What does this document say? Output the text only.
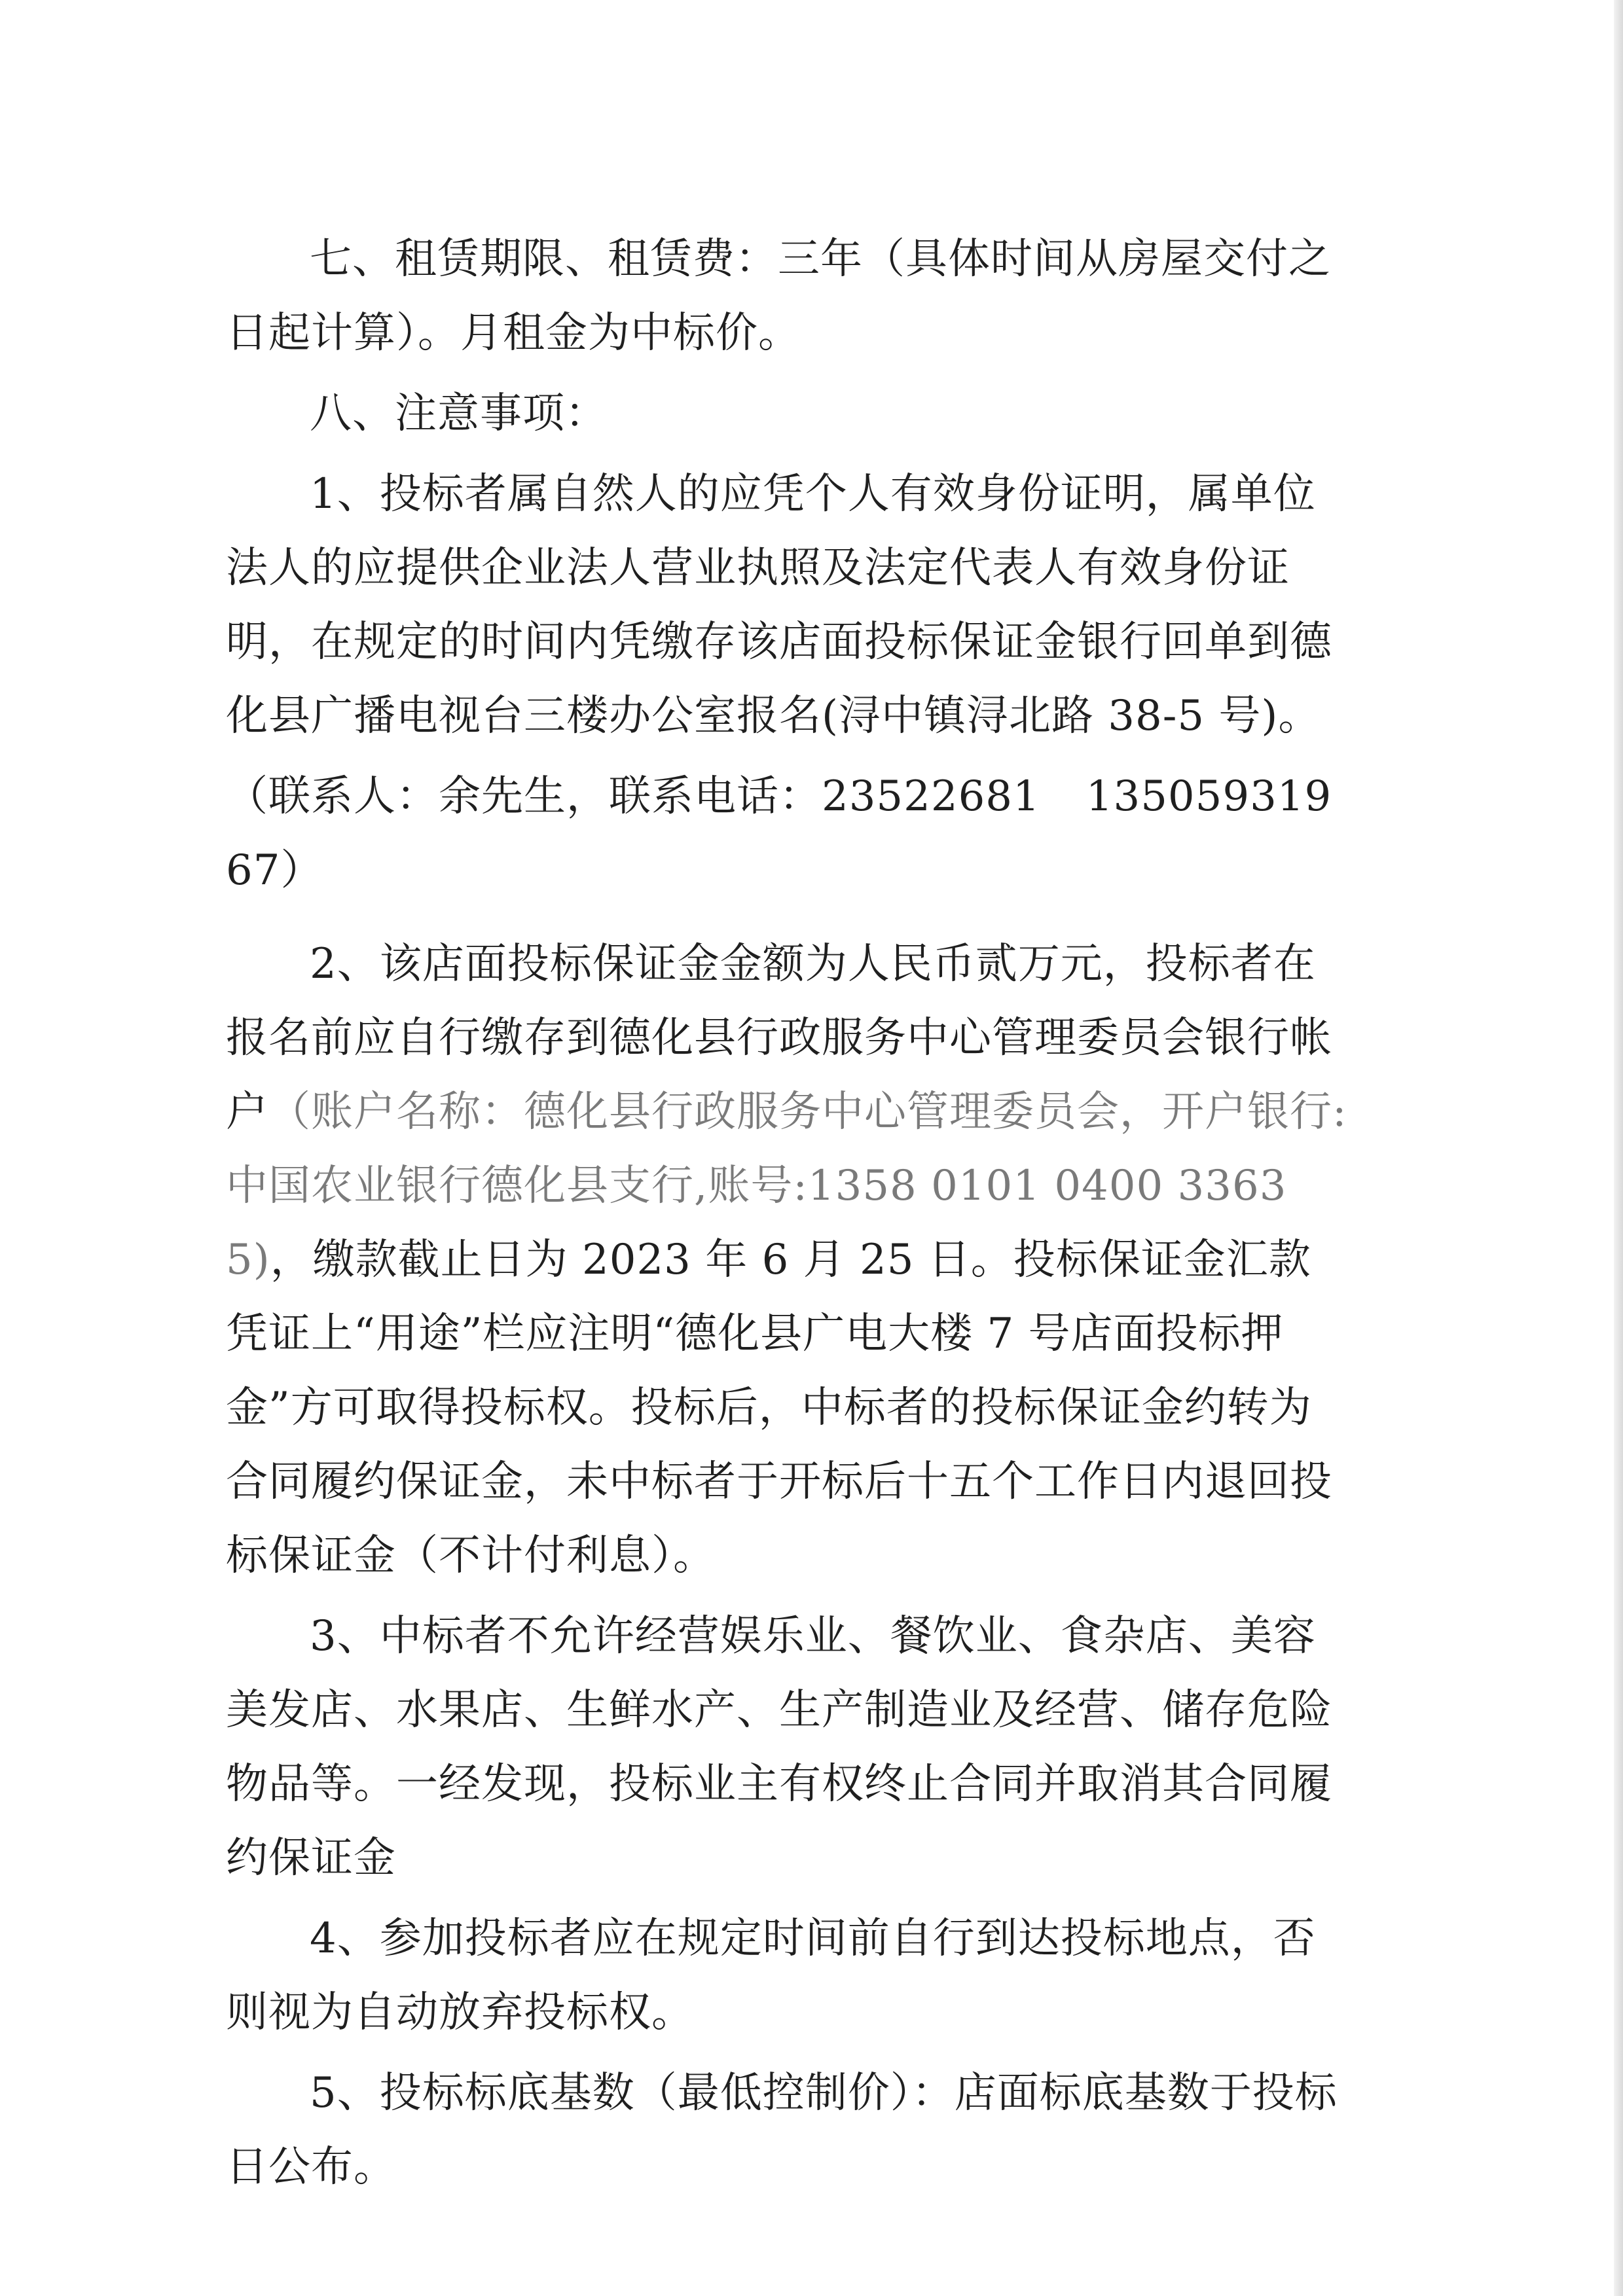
七、租赁期限、租赁费：三年（具体时间从房屋交付之日起计算）。月租金为中标价。

八、注意事项：

1、投标者属自然人的应凭个人有效身份证明，属单位法人的应提供企业法人营业执照及法定代表人有效身份证明，在规定的时间内凭缴存该店面投标保证金银行回单到德化县广播电视台三楼办公室报名(浔中镇浔北路 38-5 号)。

（联系人：余先生，联系电话：23522681 13505931967）

2、该店面投标保证金金额为人民币贰万元，投标者在报名前应自行缴存到德化县行政服务中心管理委员会银行帐户（账户名称：德化县行政服务中心管理委员会，开户银行:中国农业银行德化县支行,账号:1358 0101 0400 33635)，缴款截止日为 2023 年 6 月 25 日。投标保证金汇款凭证上“用途”栏应注明“德化县广电大楼 7 号店面投标押金”方可取得投标权。投标后，中标者的投标保证金约转为合同履约保证金，未中标者于开标后十五个工作日内退回投标保证金（不计付利息）。

3、中标者不允许经营娱乐业、餐饮业、食杂店、美容美发店、水果店、生鲜水产、生产制造业及经营、储存危险物品等。一经发现，投标业主有权终止合同并取消其合同履约保证金

4、参加投标者应在规定时间前自行到达投标地点，否则视为自动放弃投标权。

5、投标标底基数（最低控制价）：店面标底基数于投标日公布。
